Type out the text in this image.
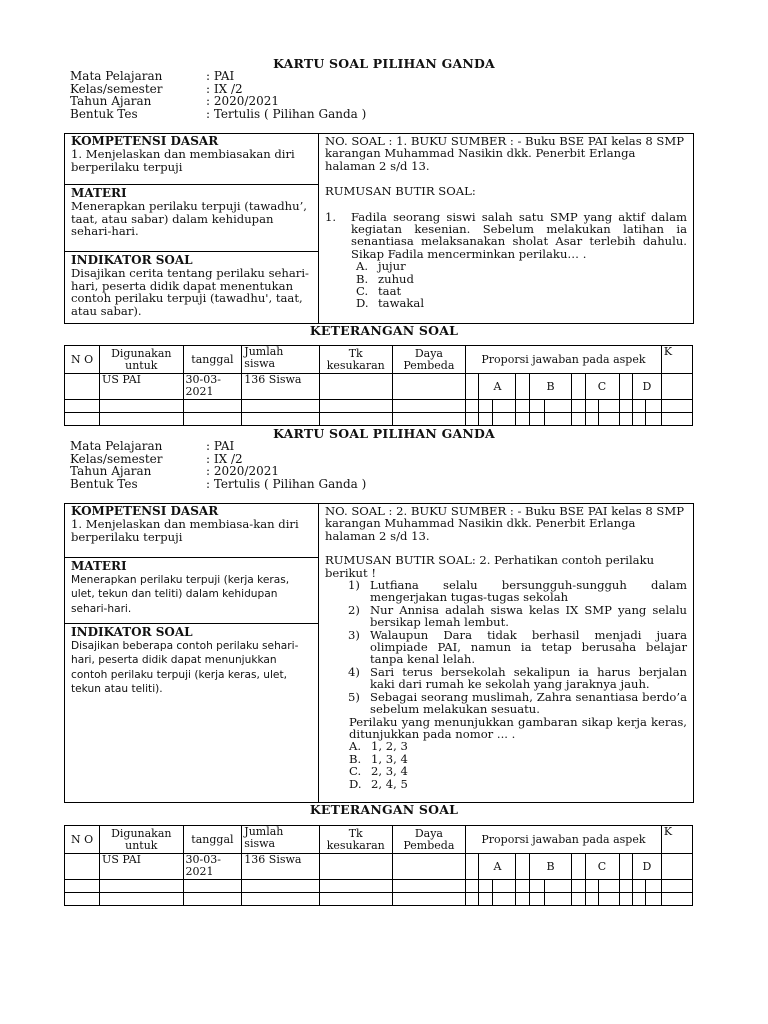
KARTU SOAL PILIHAN GANDA
Mata Pelajaran	: PAI
Kelas/semester	: IX /2
Tahun Ajaran	: 2020/2021
Bentuk Tes	: Tertulis ( Pilihan Ganda )
KOMPETENSI DASAR
1. Menjelaskan dan membiasakan diri berperilaku terpuji
MATERI
Menerapkan perilaku terpuji (tawadhu’, taat, atau sabar) dalam kehidupan sehari-hari.
INDIKATOR SOAL
Disajikan cerita tentang perilaku sehari-hari, peserta didik dapat menentukan contoh perilaku terpuji (tawadhu', taat, atau sabar).
NO. SOAL : 1. BUKU SUMBER : - Buku BSE PAI kelas 8 SMP karangan Muhammad Nasikin dkk. Penerbit Erlanga halaman 2 s/d 13.
RUMUSAN BUTIR SOAL:
1.	Fadila seorang siswi salah satu SMP yang aktif dalam kegiatan kesenian. Sebelum melakukan latihan ia senantiasa melaksanakan sholat Asar terlebih dahulu. Sikap Fadila mencerminkan perilaku… .
A. jujur
B. zuhud
C. taat
D. tawakal
KETERANGAN SOAL
N O	Digunakan untuk	tanggal	Jumlah siswa	Tk kesukaran	Daya Pembeda	Proporsi jawaban pada aspek												K
	US PAI	30-03-2021	136 Siswa				A			B			C			D		

KARTU SOAL PILIHAN GANDA
Mata Pelajaran	: PAI
Kelas/semester	: IX /2
Tahun Ajaran	: 2020/2021
Bentuk Tes	: Tertulis ( Pilihan Ganda )
KOMPETENSI DASAR
1. Menjelaskan dan membiasa-kan diri berperilaku terpuji
MATERI
Menerapkan perilaku terpuji (kerja keras, ulet, tekun dan teliti) dalam kehidupan sehari-hari.
INDIKATOR SOAL
Disajikan beberapa contoh perilaku sehari-hari, peserta didik dapat menunjukkan contoh perilaku terpuji (kerja keras, ulet, tekun atau teliti).
NO. SOAL : 2. BUKU SUMBER : - Buku BSE PAI kelas 8 SMP karangan Muhammad Nasikin dkk. Penerbit Erlanga halaman 2 s/d 13.
RUMUSAN BUTIR SOAL: 2. Perhatikan contoh perilaku berikut !
1) Lutfiana selalu bersungguh-sungguh dalam mengerjakan tugas-tugas sekolah
2) Nur Annisa adalah siswa kelas IX SMP yang selalu bersikap lemah lembut.
3) Walaupun Dara tidak berhasil menjadi juara olimpiade PAI, namun ia tetap berusaha belajar tanpa kenal lelah.
4) Sari terus bersekolah sekalipun ia harus berjalan kaki dari rumah ke sekolah yang jaraknya jauh.
5) Sebagai seorang muslimah, Zahra senantiasa berdo’a sebelum melakukan sesuatu.
Perilaku yang menunjukkan gambaran sikap kerja keras, ditunjukkan pada nomor ... .
A. 1, 2, 3
B. 1, 3, 4
C. 2, 3, 4
D. 2, 4, 5
KETERANGAN SOAL
N O	Digunakan untuk	tanggal	Jumlah siswa	Tk kesukaran	Daya Pembeda	Proporsi jawaban pada aspek												K
	US PAI	30-03-2021	136 Siswa				A			B			C			D		
